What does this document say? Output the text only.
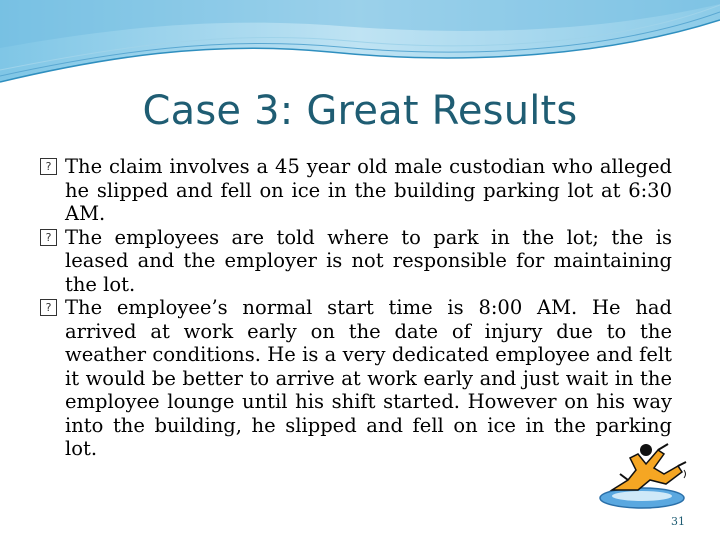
Case 3: Great Results
? The claim involves a 45 year old male custodian who alleged he slipped and fell on ice in the building parking lot at 6:30 AM.
? The employees are told where to park in the lot; the is leased and the employer is not responsible for maintaining the lot.
? The employee’s normal start time is 8:00 AM. He had arrived at work early on the date of injury due to the weather conditions. He is a very dedicated employee and felt it would be better to arrive at work early and just wait in the employee lounge until his shift started. However on his way into the building, he slipped and fell on ice in the parking lot.
31
